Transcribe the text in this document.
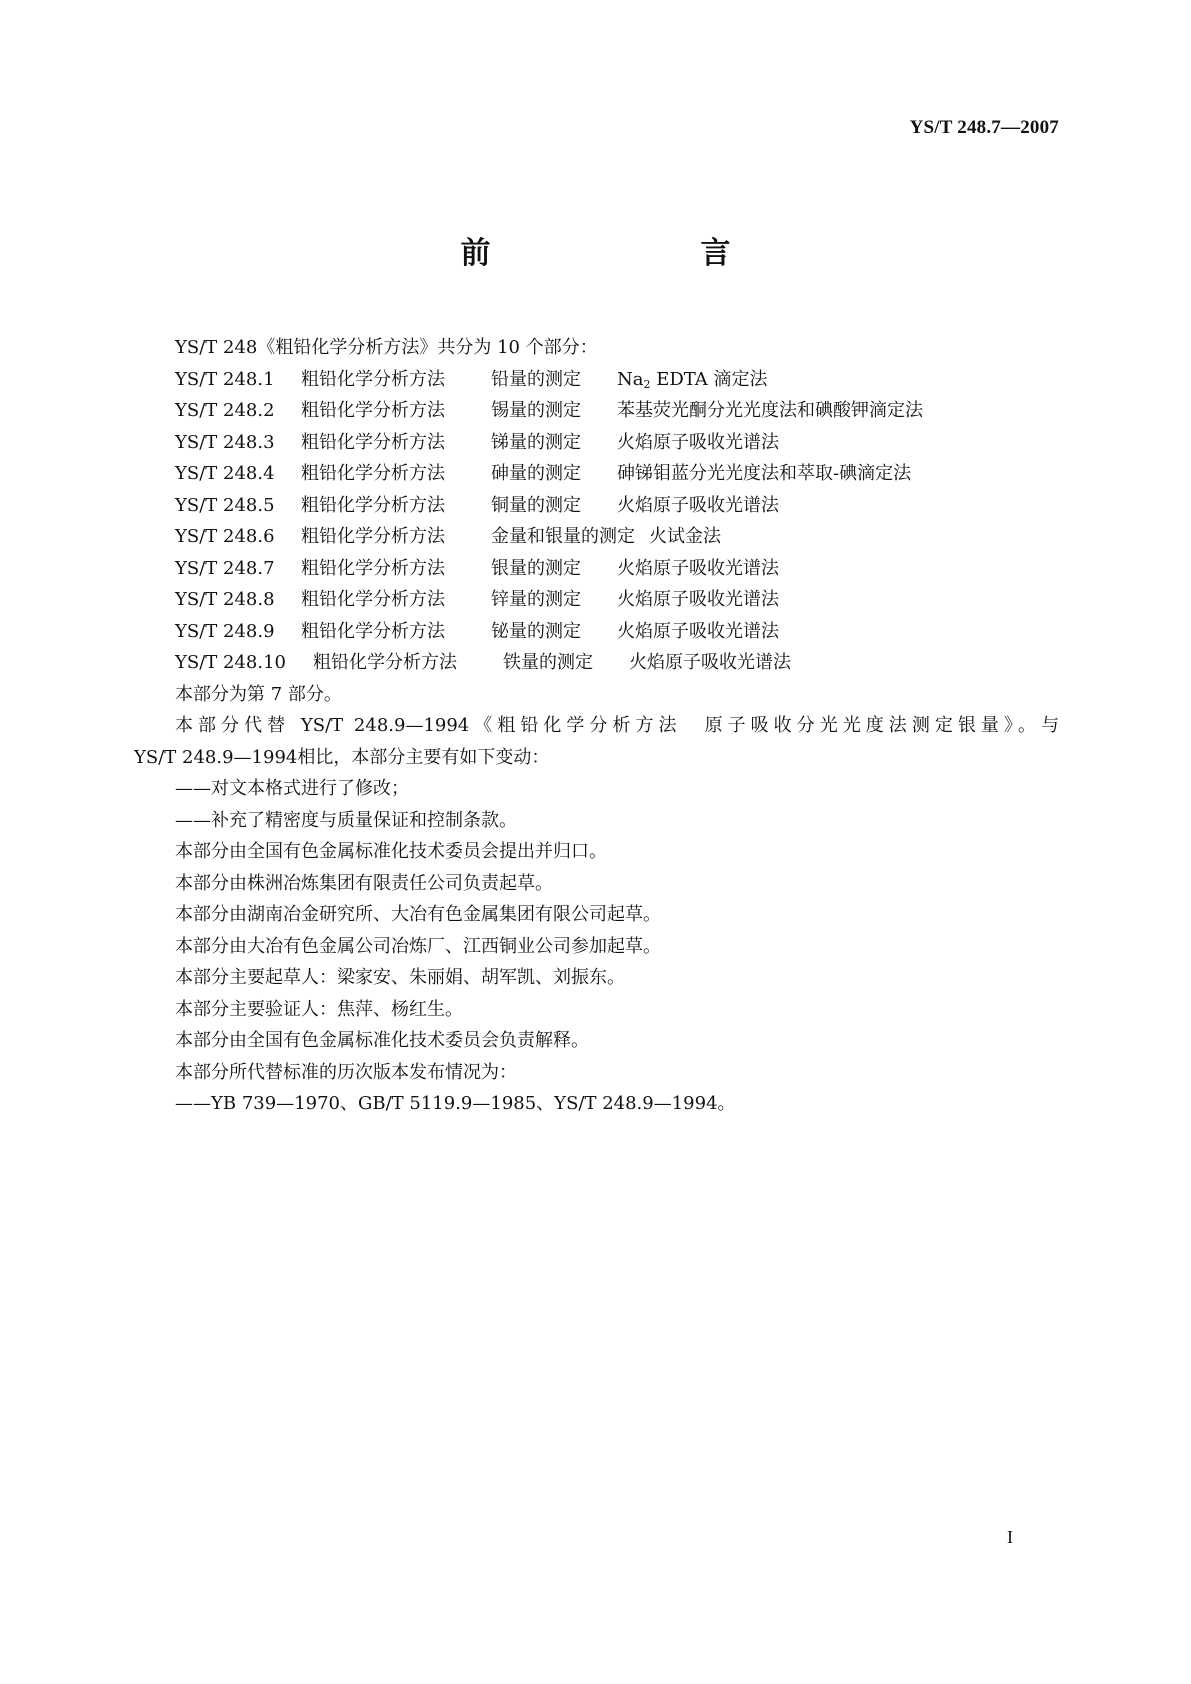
YS/T 248.7—2007
前　　言
YS/T 248《粗铅化学分析方法》共分为 10 个部分：
YS/T 248.1 粗铅化学分析方法	铅量的测定 $Na_2$ EDTA 滴定法
YS/T 248.2 粗铅化学分析方法	锡量的测定 苯基荧光酮分光光度法和碘酸钾滴定法
YS/T 248.3 粗铅化学分析方法	锑量的测定 火焰原子吸收光谱法
YS/T 248.4 粗铅化学分析方法	砷量的测定 砷锑钼蓝分光光度法和萃取-碘滴定法
YS/T 248.5 粗铅化学分析方法	铜量的测定 火焰原子吸收光谱法
YS/T 248.6 粗铅化学分析方法	金量和银量的测定 火试金法
YS/T 248.7 粗铅化学分析方法	银量的测定 火焰原子吸收光谱法
YS/T 248.8 粗铅化学分析方法	锌量的测定 火焰原子吸收光谱法
YS/T 248.9 粗铅化学分析方法	铋量的测定 火焰原子吸收光谱法
YS/T 248.10 粗铅化学分析方法	铁量的测定 火焰原子吸收光谱法
本部分为第 7 部分。
本部分代替 YS/T 248.9—1994《粗铅化学分析方法　原子吸收分光光度法测定银量》。与
YS/T 248.9—1994相比，本部分主要有如下变动：
——对文本格式进行了修改；
——补充了精密度与质量保证和控制条款。
本部分由全国有色金属标准化技术委员会提出并归口。
本部分由株洲冶炼集团有限责任公司负责起草。
本部分由湖南冶金研究所、大冶有色金属集团有限公司起草。
本部分由大冶有色金属公司冶炼厂、江西铜业公司参加起草。
本部分主要起草人：梁家安、朱丽娟、胡军凯、刘振东。
本部分主要验证人：焦萍、杨红生。
本部分由全国有色金属标准化技术委员会负责解释。
本部分所代替标准的历次版本发布情况为：
——YB 739—1970、GB/T 5119.9—1985、YS/T 248.9—1994。
I
